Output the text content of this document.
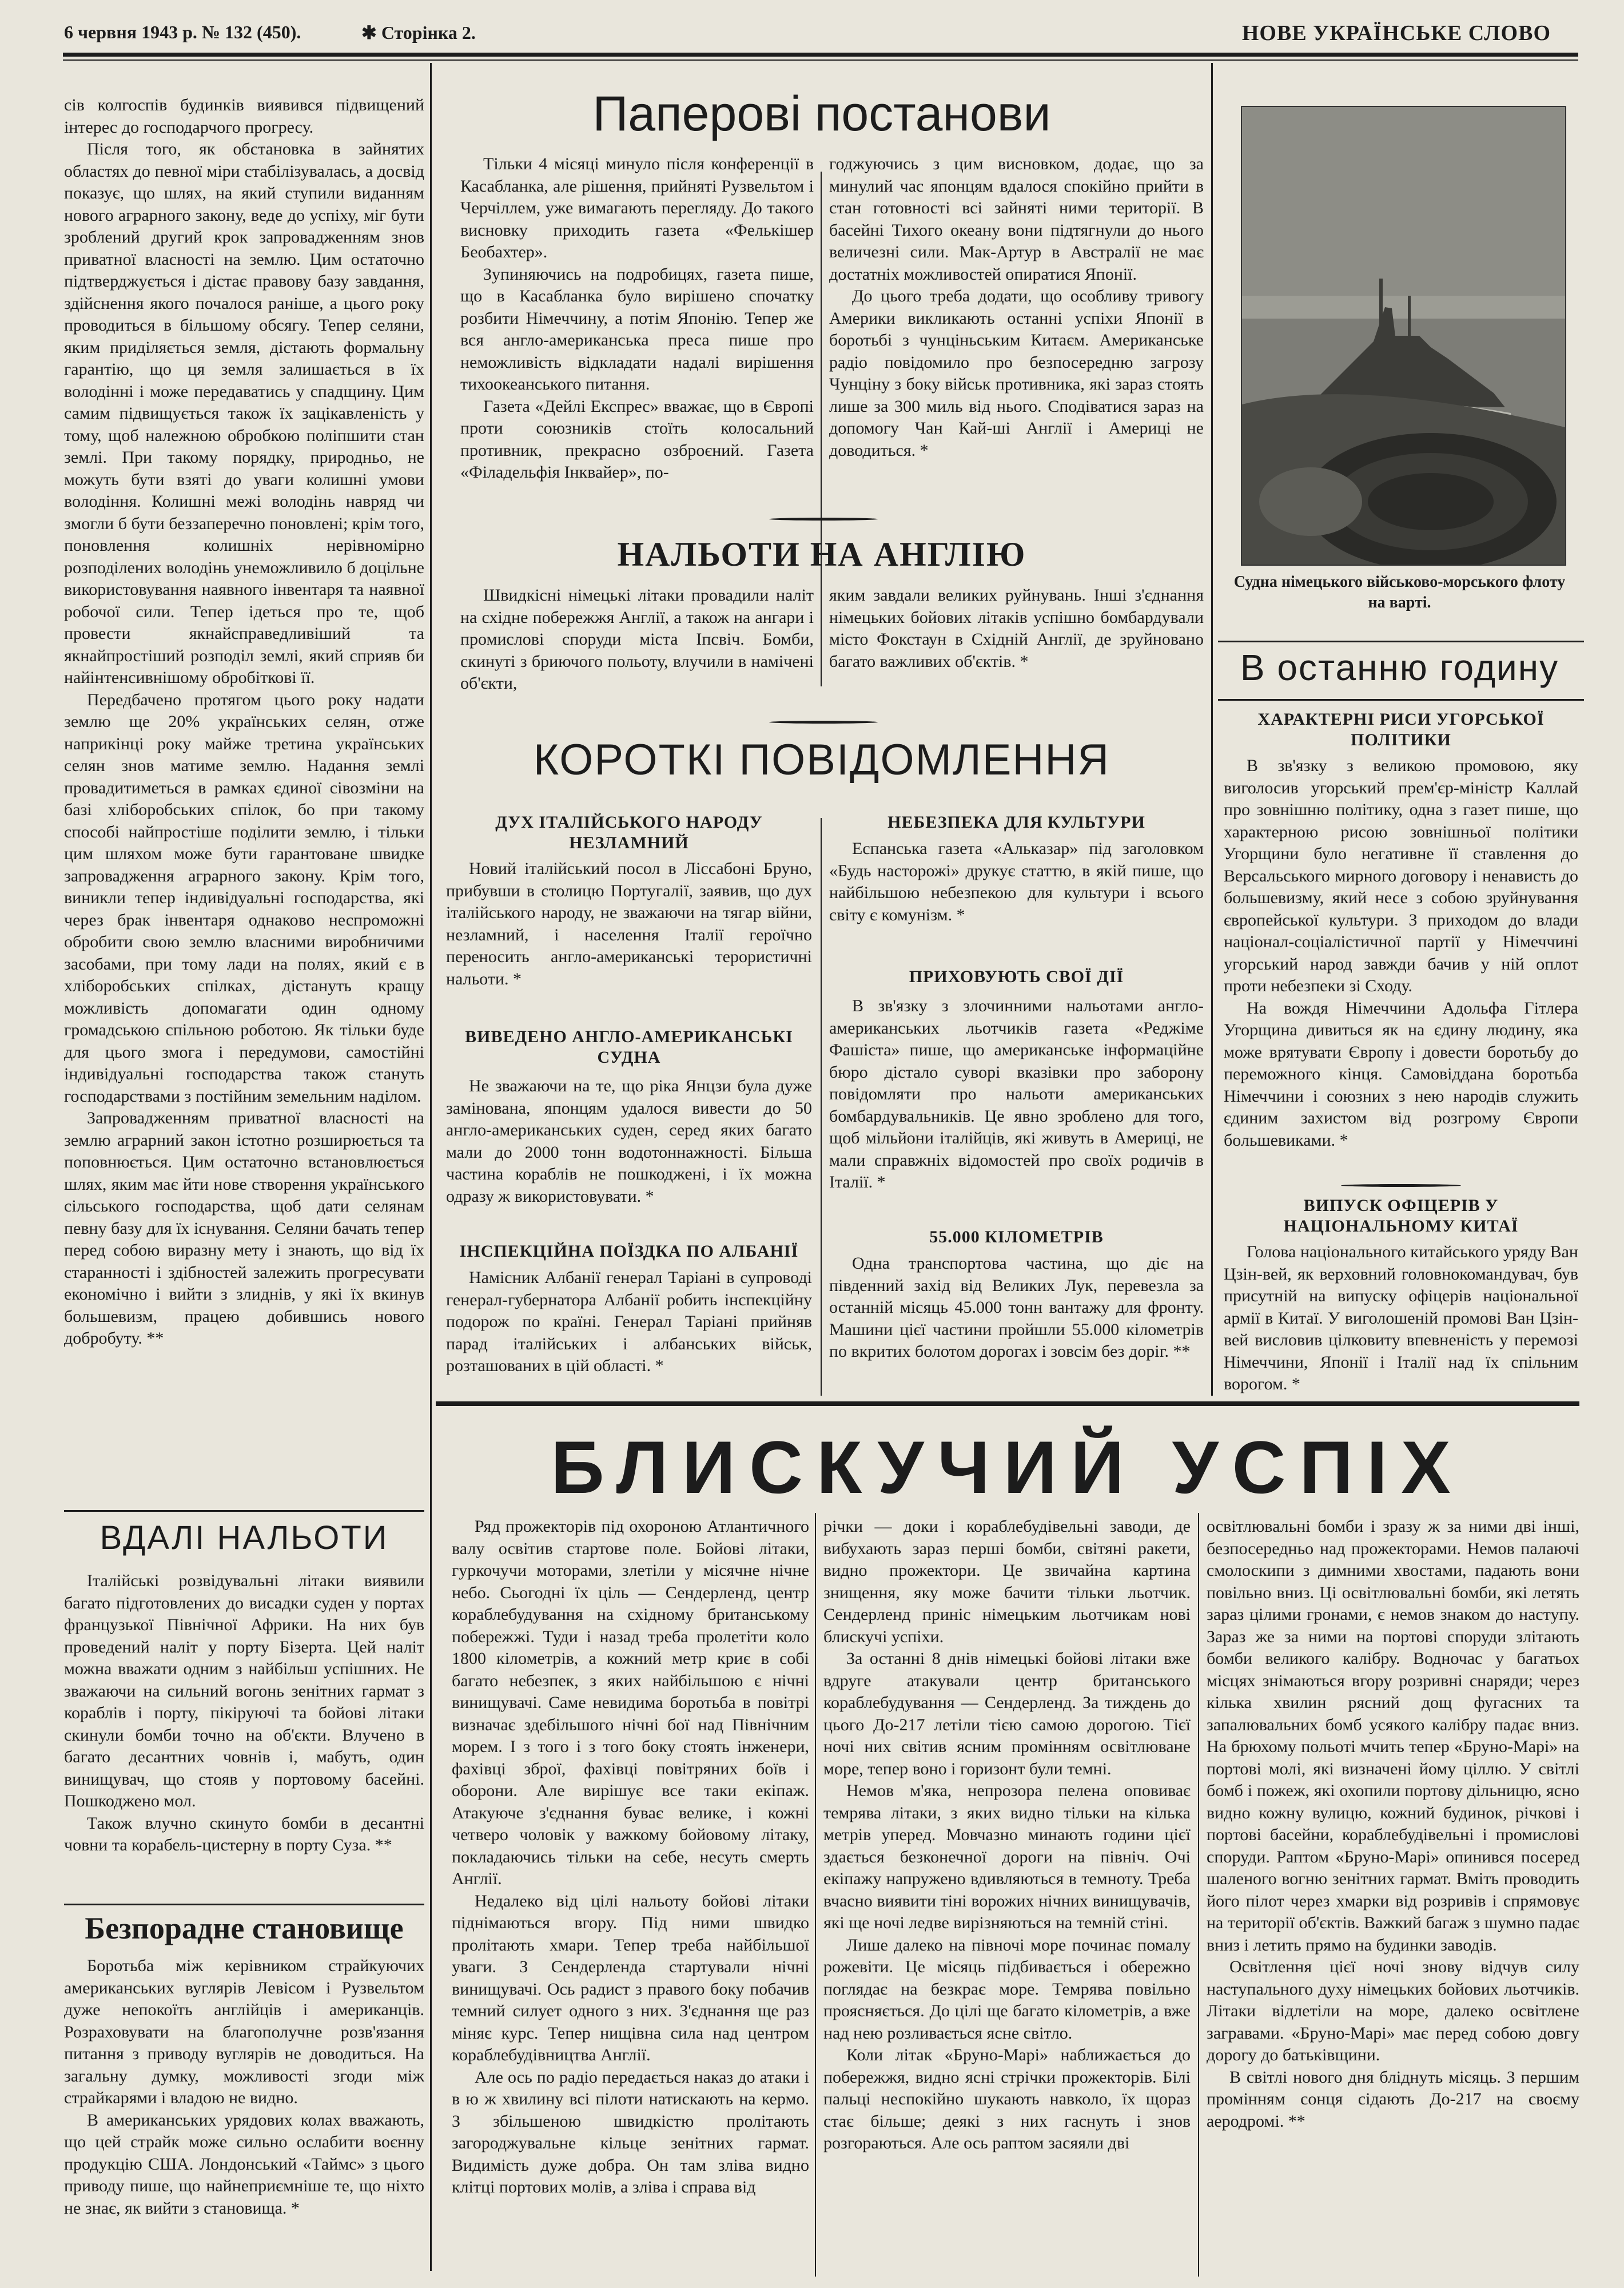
6 червня 1943 р. № 132 (450).	✱ Сторінка 2.	НОВЕ УКРАЇНСЬКЕ СЛОВО

сів колгоспів будинків виявився підвищений інтерес до господарчого прогресу.

Після того, як обстановка в зайнятих областях до певної міри стабілізувалась, а досвід показує, що шлях, на який ступили виданням нового аграрного закону, веде до успіху, міг бути зроблений другий крок запровадженням знов приватної власності на землю. Цим остаточно підтверджується і дістає правову базу завдання, здійснення якого почалося раніше, а цього року проводиться в більшому обсягу. Тепер селяни, яким приділяється земля, дістають формальну гарантію, що ця земля залишається в їх володінні і може передаватись у спадщину. Цим самим підвищується також їх зацікавленість у тому, щоб належною обробкою поліпшити стан землі. При такому порядку, природньо, не можуть бути взяті до уваги колишні умови володіння. Колишні межі володінь навряд чи змогли б бути беззаперечно поновлені; крім того, поновлення колишніх нерівномірно розподілених володінь унеможливило б доцільне використовування наявного інвентаря та наявної робочої сили. Тепер ідеться про те, щоб провести якнайсправедливіший та якнайпростіший розподіл землі, який сприяв би найінтенсивнішому обробіткові її.

Передбачено протягом цього року надати землю ще 20% українських селян, отже наприкінці року майже третина українських селян знов матиме землю. Надання землі провадитиметься в рамках єдиної сівозміни на базі хліборобських спілок, бо при такому способі найпростіше поділити землю, і тільки цим шляхом може бути гарантоване швидке запровадження аграрного закону. Крім того, виникли тепер індивідуальні господарства, які через брак інвентаря однаково неспроможні обробити свою землю власними виробничими засобами, при тому лади на полях, який є в хліборобських спілках, дістануть кращу можливість допомагати один одному громадською спільною роботою. Як тільки буде для цього змога і передумови, самостійні індивідуальні господарства також стануть господарствами з постійним земельним наділом.

Запровадженням приватної власності на землю аграрний закон істотно розширюється та поповнюється. Цим остаточно встановлюється шлях, яким має йти нове створення українського сільського господарства, щоб дати селянам певну базу для їх існування. Селяни бачать тепер перед собою виразну мету і знають, що від їх старанності і здібностей залежить прогресувати економічно і вийти з злиднів, у які їх вкинув большевизм, працею добившись нового добробуту. **

ВДАЛІ НАЛЬОТИ

Італійські розвідувальні літаки виявили багато підготовлених до висадки суден у портах французької Північної Африки. На них був проведений наліт у порту Бізерта. Цей наліт можна вважати одним з найбільш успішних. Не зважаючи на сильний вогонь зенітних гармат з кораблів і порту, пікіруючі та бойові літаки скинули бомби точно на об'єкти. Влучено в багато десантних човнів і, мабуть, один винищувач, що стояв у портовому басейні. Пошкоджено мол.

Також влучно скинуто бомби в десантні човни та корабель-цистерну в порту Суза. **

Безпорадне становище

Боротьба між керівником страйкуючих американських вуглярів Левісом і Рузвельтом дуже непокоїть англійців і американців. Розраховувати на благополучне розв'язання питання з приводу вуглярів не доводиться. На загальну думку, можливості згоди між страйкарями і владою не видно.

В американських урядових колах вважають, що цей страйк може сильно ослабити воєнну продукцію США. Лондонський «Таймс» з цього приводу пише, що найнеприємніше те, що ніхто не знає, як вийти з становища. *

Паперові постанови

Тільки 4 місяці минуло після конференції в Касабланка, але рішення, прийняті Рузвельтом і Черчіллем, уже вимагають перегляду. До такого висновку приходить газета «Фелькішер Беобахтер».

Зупиняючись на подробицях, газета пише, що в Касабланка було вирішено спочатку розбити Німеччину, а потім Японію. Тепер же вся англо-американська преса пише про неможливість відкладати надалі вирішення тихоокеанського питання.

Газета «Дейлі Експрес» вважає, що в Європі проти союзників стоїть колосальний противник, прекрасно озброєний. Газета «Філадельфія Інквайер», по-

годжуючись з цим висновком, додає, що за минулий час японцям вдалося спокійно прийти в стан готовності всі зайняті ними території. В басейні Тихого океану вони підтягнули до нього величезні сили. Мак-Артур в Австралії не має достатніх можливостей опиратися Японії.

До цього треба додати, що особливу тривогу Америки викликають останні успіхи Японії в боротьбі з чунціньським Китаєм. Американське радіо повідомило про безпосередню загрозу Чунціну з боку військ противника, які зараз стоять лише за 300 миль від нього. Сподіватися зараз на допомогу Чан Кай-ші Англії і Америці не доводиться. *

Судна німецького військово-морського флоту на варті.
НАЛЬОТИ НА АНГЛІЮ

Швидкісні німецькі літаки провадили наліт на східне побережжя Англії, а також на ангари і промислові споруди міста Іпсвіч. Бомби, скинуті з бриючого польоту, влучили в намічені об'єкти,

яким завдали великих руйнувань. Інші з'єднання німецьких бойових літаків успішно бомбардували місто Фокстаун в Східній Англії, де зруйновано багато важливих об'єктів. *

КОРОТКІ ПОВІДОМЛЕННЯ
ДУХ ІТАЛІЙСЬКОГО НАРОДУ НЕЗЛАМНИЙ

Новий італійський посол в Ліссабоні Бруно, прибувши в столицю Португалії, заявив, що дух італійського народу, не зважаючи на тягар війни, незламний, і населення Італії героїчно переносить англо-американські терористичні нальоти. *

ВИВЕДЕНО АНГЛО-АМЕРИКАНСЬКІ СУДНА

Не зважаючи на те, що ріка Янцзи була дуже замінована, японцям удалося вивести до 50 англо-американських суден, серед яких багато мали до 2000 тонн водотоннажності. Більша частина кораблів не пошкоджені, і їх можна одразу ж використовувати. *

ІНСПЕКЦІЙНА ПОЇЗДКА ПО АЛБАНІЇ

Намісник Албанії генерал Таріані в супроводі генерал-губернатора Албанії робить інспекційну подорож по країні. Генерал Таріані прийняв парад італійських і албанських військ, розташованих в цій області. *

НЕБЕЗПЕКА ДЛЯ КУЛЬТУРИ

Еспанська газета «Альказар» під заголовком «Будь насторожі» друкує статтю, в якій пише, що найбільшою небезпекою для культури і всього світу є комунізм. *

ПРИХОВУЮТЬ СВОЇ ДІЇ

В зв'язку з злочинними нальотами англо-американських льотчиків газета «Реджіме Фашіста» пише, що американське інформаційне бюро дістало суворі вказівки про заборону повідомляти про нальоти американських бомбардувальників. Це явно зроблено для того, щоб мільйони італійців, які живуть в Америці, не мали справжніх відомостей про своїх родичів в Італії. *

55.000 КІЛОМЕТРІВ

Одна транспортова частина, що діє на південний захід від Великих Лук, перевезла за останній місяць 45.000 тонн вантажу для фронту. Машини цієї частини пройшли 55.000 кілометрів по вкритих болотом дорогах і зовсім без доріг. **

В останню годину
ХАРАКТЕРНІ РИСИ УГОРСЬКОЇ ПОЛІТИКИ

В зв'язку з великою промовою, яку виголосив угорський прем'єр-міністр Каллай про зовнішню політику, одна з газет пише, що характерною рисою зовнішньої політики Угорщини було негативне її ставлення до Версальського мирного договору і ненависть до большевизму, який несе з собою зруйнування європейської культури. З приходом до влади націонал-соціалістичної партії у Німеччині угорський народ завжди бачив у ній оплот проти небезпеки зі Сходу.

На вождя Німеччини Адольфа Гітлера Угорщина дивиться як на єдину людину, яка може врятувати Європу і довести боротьбу до переможного кінця. Самовіддана боротьба Німеччини і союзних з нею народів служить єдиним захистом від розгрому Європи большевиками. *

ВИПУСК ОФІЦЕРІВ У НАЦІОНАЛЬНОМУ КИТАЇ

Голова національного китайського уряду Ван Цзін-вей, як верховний головнокомандувач, був присутній на випуску офіцерів національної армії в Китаї. У виголошеній промові Ван Цзін-вей висловив цілковиту впевненість у перемозі Німеччини, Японії і Італії над їх спільним ворогом. *

БЛИСКУЧИЙ УСПІХ

Ряд прожекторів під охороною Атлантичного валу освітив стартове поле. Бойові літаки, гуркочучи моторами, злетіли у місячне нічне небо. Сьогодні їх ціль — Сендерленд, центр кораблебудування на східному британському побережжі. Туди і назад треба пролетіти коло 1800 кілометрів, а кожний метр криє в собі багато небезпек, з яких найбільшою є нічні винищувачі. Саме невидима боротьба в повітрі визначає здебільшого нічні бої над Північним морем. І з того і з того боку стоять інженери, фахівці зброї, фахівці повітряних боїв і оборони. Але вирішує все таки екіпаж. Атакуюче з'єднання буває велике, і кожні четверо чоловік у важкому бойовому літаку, покладаючись тільки на себе, несуть смерть Англії.

Недалеко від цілі нальоту бойові літаки піднімаються вгору. Під ними швидко пролітають хмари. Тепер треба найбільшої уваги. З Сендерленда стартували нічні винищувачі. Ось радист з правого боку побачив темний силует одного з них. З'єднання ще раз міняє курс. Тепер нищівна сила над центром кораблебудівництва Англії.

Але ось по радіо передається наказ до атаки і в ю ж хвилину всі пілоти натискають на кермо. З збільшеною швидкістю пролітають загороджувальне кільце зенітних гармат. Видимість дуже добра. Он там зліва видно клітці портових молів, а зліва і справа від

річки — доки і кораблебудівельні заводи, де вибухають зараз перші бомби, світяні ракети, видно прожектори. Це звичайна картина знищення, яку може бачити тільки льотчик. Сендерленд приніс німецьким льотчикам нові блискучі успіхи.

За останні 8 днів німецькі бойові літаки вже вдруге атакували центр британського кораблебудування — Сендерленд. За тиждень до цього До-217 летіли тією самою дорогою. Тієї ночі них світив ясним промінням освітлюване море, тепер воно і горизонт були темні.

Немов м'яка, непрозора пелена оповиває темрява літаки, з яких видно тільки на кілька метрів уперед. Мовчазно минають години цієї здається безконечної дороги на північ. Очі екіпажу напружено вдивляються в темноту. Треба вчасно виявити тіні ворожих нічних винищувачів, які ще ночі ледве вирізняються на темній стіні.

Лише далеко на півночі море починає помалу рожевіти. Це місяць підбивається і обережно поглядає на безкрає море. Темрява повільно проясняється. До цілі ще багато кілометрів, а вже над нею розливається ясне світло.

Коли літак «Бруно-Марі» наближається до побережжя, видно ясні стрічки прожекторів. Білі пальці неспокійно шукають навколо, їх щораз стає більше; деякі з них гаснуть і знов розгораються. Але ось раптом засяяли дві

освітлювальні бомби і зразу ж за ними дві інші, безпосередньо над прожекторами. Немов палаючі смолоскипи з димними хвостами, падають вони повільно вниз. Ці освітлювальні бомби, які летять зараз цілими гронами, є немов знаком до наступу. Зараз же за ними на портові споруди злітають бомби великого калібру. Водночас у багатьох місцях знімаються вгору розривні снаряди; через кілька хвилин рясний дощ фугасних та запалювальних бомб усякого калібру падає вниз. На брюхому польоті мчить тепер «Бруно-Марі» на портові молі, які визначені йому ціллю. У світлі бомб і пожеж, які охопили портову дільницю, ясно видно кожну вулицю, кожний будинок, річкові і портові басейни, кораблебудівельні і промислові споруди. Раптом «Бруно-Марі» опинився посеред шаленого вогню зенітних гармат. Вміть проводить його пілот через хмарки від розривів і спрямовує на території об'єктів. Важкий багаж з шумно падає вниз і летить прямо на будинки заводів.

Освітлення цієї ночі знову відчув силу наступального духу німецьких бойових льотчиків. Літаки відлетіли на море, далеко освітлене загравами. «Бруно-Марі» має перед собою довгу дорогу до батьківщини.

В світлі нового дня бліднуть місяць. З першим промінням сонця сідають До-217 на своєму аеродромі. **
